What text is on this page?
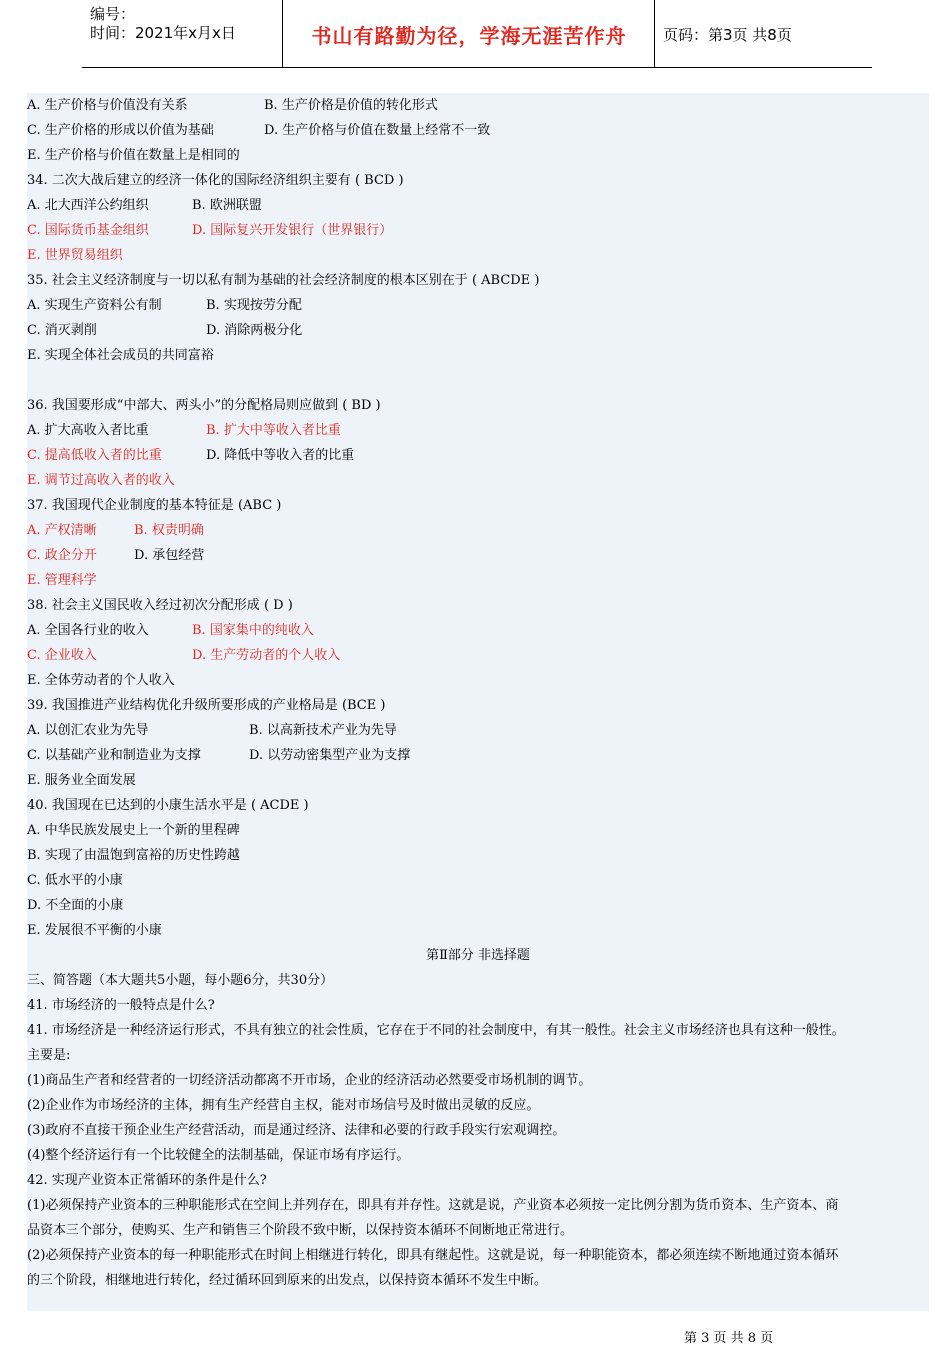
编号：
时间：2021年x月x日	书山有路勤为径，学海无涯苦作舟	页码：第3页 共8页
A. 生产价格与价值没有关系	B. 生产价格是价值的转化形式
C. 生产价格的形成以价值为基础	D. 生产价格与价值在数量上经常不一致
E. 生产价格与价值在数量上是相同的
34. 二次大战后建立的经济一体化的国际经济组织主要有 ( BCD )
A. 北大西洋公约组织	B. 欧洲联盟
C. 国际货币基金组织	D. 国际复兴开发银行（世界银行）
E. 世界贸易组织
35. 社会主义经济制度与一切以私有制为基础的社会经济制度的根本区别在于 ( ABCDE )
A. 实现生产资料公有制	B. 实现按劳分配
C. 消灭剥削	D. 消除两极分化
E. 实现全体社会成员的共同富裕
36. 我国要形成“中部大、两头小”的分配格局则应做到 ( BD )
A. 扩大高收入者比重	B. 扩大中等收入者比重
C. 提高低收入者的比重	D. 降低中等收入者的比重
E. 调节过高收入者的收入
37. 我国现代企业制度的基本特征是 (ABC )
A. 产权清晰	B. 权责明确
C. 政企分开	D. 承包经营
E. 管理科学
38. 社会主义国民收入经过初次分配形成 ( D )
A. 全国各行业的收入	B. 国家集中的纯收入
C. 企业收入	D. 生产劳动者的个人收入
E. 全体劳动者的个人收入
39. 我国推进产业结构优化升级所要形成的产业格局是 (BCE )
A. 以创汇农业为先导	B. 以高新技术产业为先导
C. 以基础产业和制造业为支撑	D. 以劳动密集型产业为支撑
E. 服务业全面发展
40. 我国现在已达到的小康生活水平是 ( ACDE )
A. 中华民族发展史上一个新的里程碑
B. 实现了由温饱到富裕的历史性跨越
C. 低水平的小康
D. 不全面的小康
E. 发展很不平衡的小康
第Ⅱ部分 非选择题
三、简答题（本大题共5小题，每小题6分，共30分）
41. 市场经济的一般特点是什么?
41. 市场经济是一种经济运行形式，不具有独立的社会性质，它存在于不同的社会制度中，有其一般性。社会主义市场经济也具有这种一般性。
主要是:
(1)商品生产者和经营者的一切经济活动都离不开市场，企业的经济活动必然要受市场机制的调节。
(2)企业作为市场经济的主体，拥有生产经营自主权，能对市场信号及时做出灵敏的反应。
(3)政府不直接干预企业生产经营活动，而是通过经济、法律和必要的行政手段实行宏观调控。
(4)整个经济运行有一个比较健全的法制基础，保证市场有序运行。
42. 实现产业资本正常循环的条件是什么?
(1)必须保持产业资本的三种职能形式在空间上并列存在，即具有并存性。这就是说，产业资本必须按一定比例分割为货币资本、生产资本、商
品资本三个部分，使购买、生产和销售三个阶段不致中断，以保持资本循环不间断地正常进行。
(2)必须保持产业资本的每一种职能形式在时间上相继进行转化，即具有继起性。这就是说，每一种职能资本，都必须连续不断地通过资本循环
的三个阶段，相继地进行转化，经过循环回到原来的出发点，以保持资本循环不发生中断。
第 3 页 共 8 页
